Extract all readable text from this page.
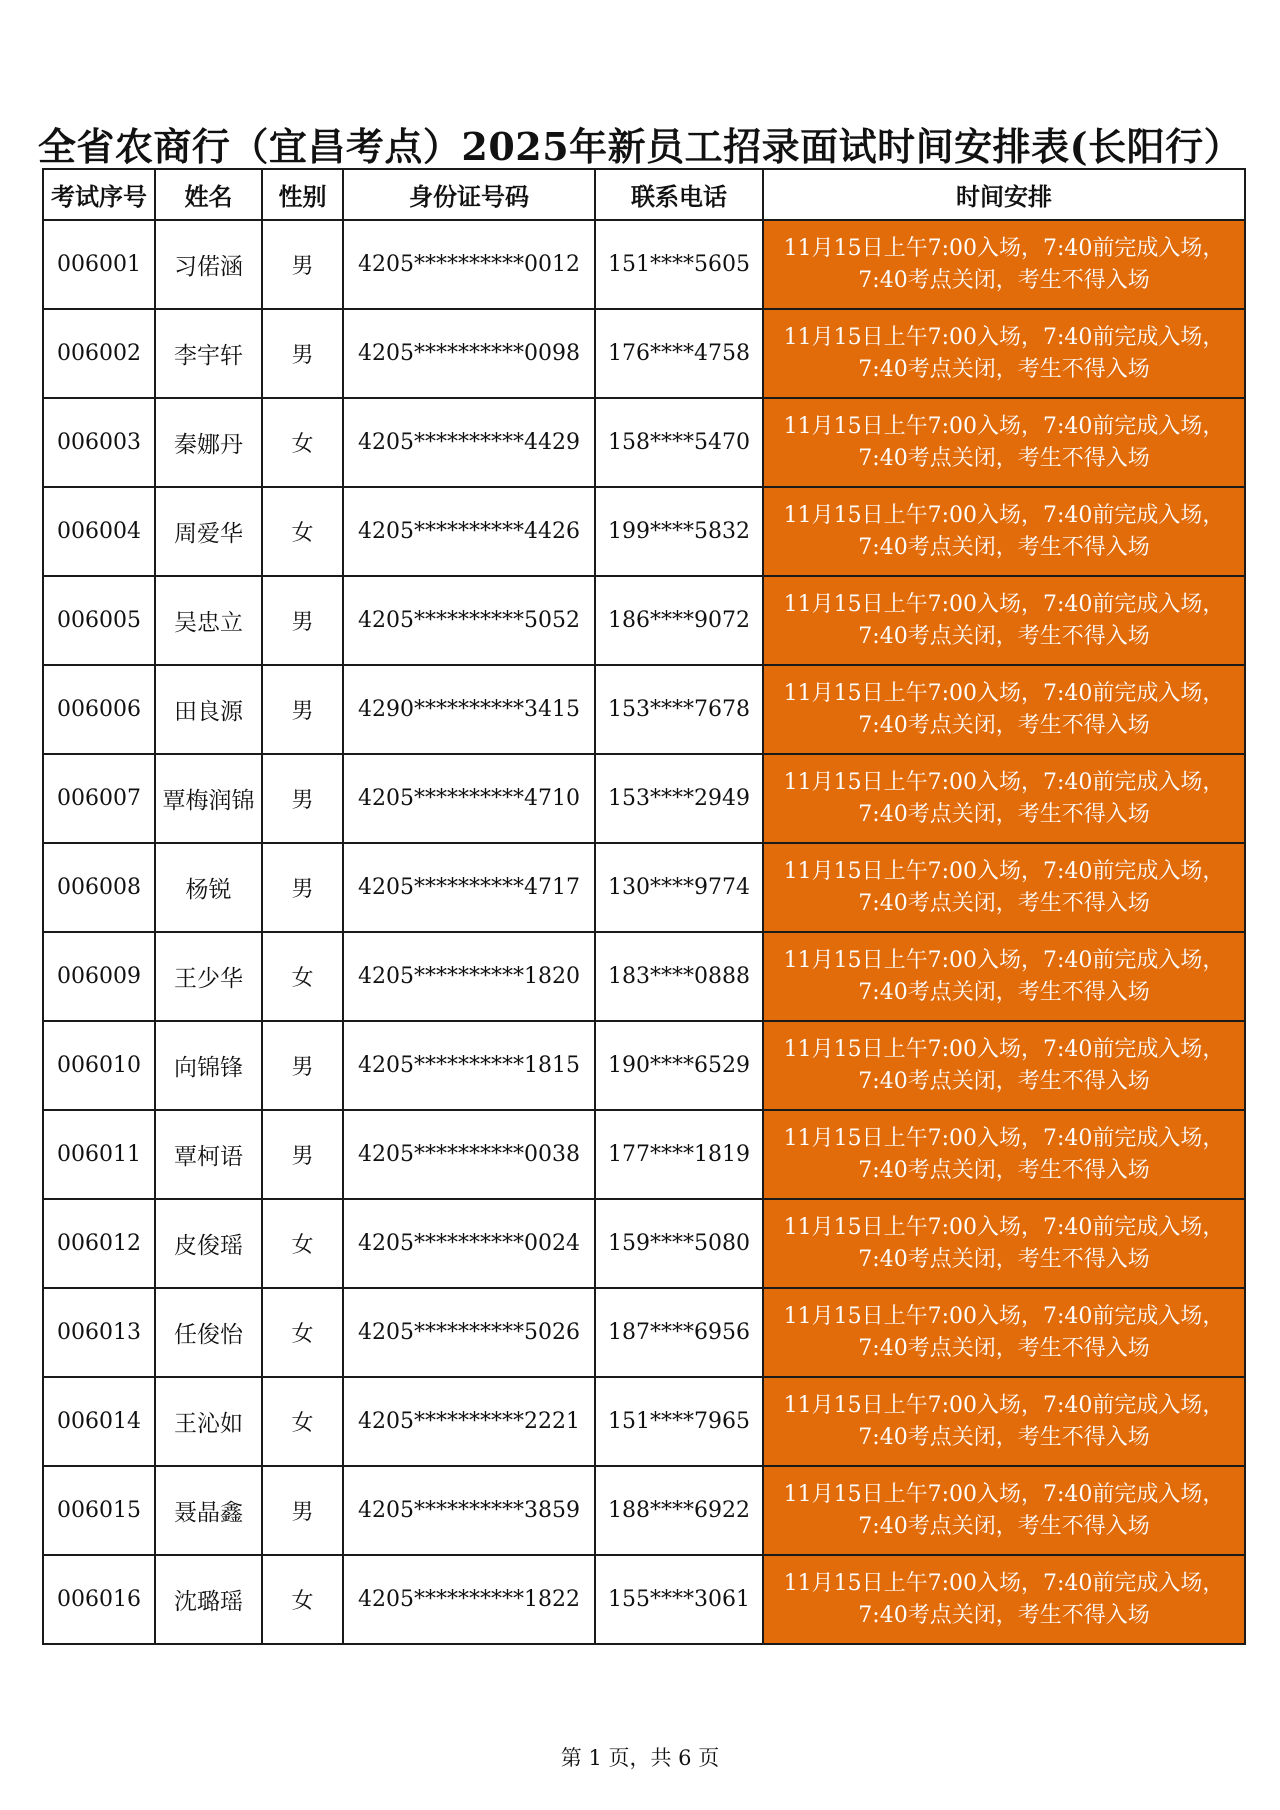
全省农商行（宜昌考点）2025年新员工招录面试时间安排表(长阳行）
考试序号	姓名	性别	身份证号码	联系电话	时间安排
006001	习偌涵	男	4205**********0012	151****5605	11月15日上午7:00入场，7:40前完成入场，7:40考点关闭，考生不得入场
006002	李宇轩	男	4205**********0098	176****4758	11月15日上午7:00入场，7:40前完成入场，7:40考点关闭，考生不得入场
006003	秦娜丹	女	4205**********4429	158****5470	11月15日上午7:00入场，7:40前完成入场，7:40考点关闭，考生不得入场
006004	周爱华	女	4205**********4426	199****5832	11月15日上午7:00入场，7:40前完成入场，7:40考点关闭，考生不得入场
006005	吴忠立	男	4205**********5052	186****9072	11月15日上午7:00入场，7:40前完成入场，7:40考点关闭，考生不得入场
006006	田良源	男	4290**********3415	153****7678	11月15日上午7:00入场，7:40前完成入场，7:40考点关闭，考生不得入场
006007	覃梅润锦	男	4205**********4710	153****2949	11月15日上午7:00入场，7:40前完成入场，7:40考点关闭，考生不得入场
006008	杨锐	男	4205**********4717	130****9774	11月15日上午7:00入场，7:40前完成入场，7:40考点关闭，考生不得入场
006009	王少华	女	4205**********1820	183****0888	11月15日上午7:00入场，7:40前完成入场，7:40考点关闭，考生不得入场
006010	向锦锋	男	4205**********1815	190****6529	11月15日上午7:00入场，7:40前完成入场，7:40考点关闭，考生不得入场
006011	覃柯语	男	4205**********0038	177****1819	11月15日上午7:00入场，7:40前完成入场，7:40考点关闭，考生不得入场
006012	皮俊瑶	女	4205**********0024	159****5080	11月15日上午7:00入场，7:40前完成入场，7:40考点关闭，考生不得入场
006013	任俊怡	女	4205**********5026	187****6956	11月15日上午7:00入场，7:40前完成入场，7:40考点关闭，考生不得入场
006014	王沁如	女	4205**********2221	151****7965	11月15日上午7:00入场，7:40前完成入场，7:40考点关闭，考生不得入场
006015	聂晶鑫	男	4205**********3859	188****6922	11月15日上午7:00入场，7:40前完成入场，7:40考点关闭，考生不得入场
006016	沈璐瑶	女	4205**********1822	155****3061	11月15日上午7:00入场，7:40前完成入场，7:40考点关闭，考生不得入场
第 1 页，共 6 页
